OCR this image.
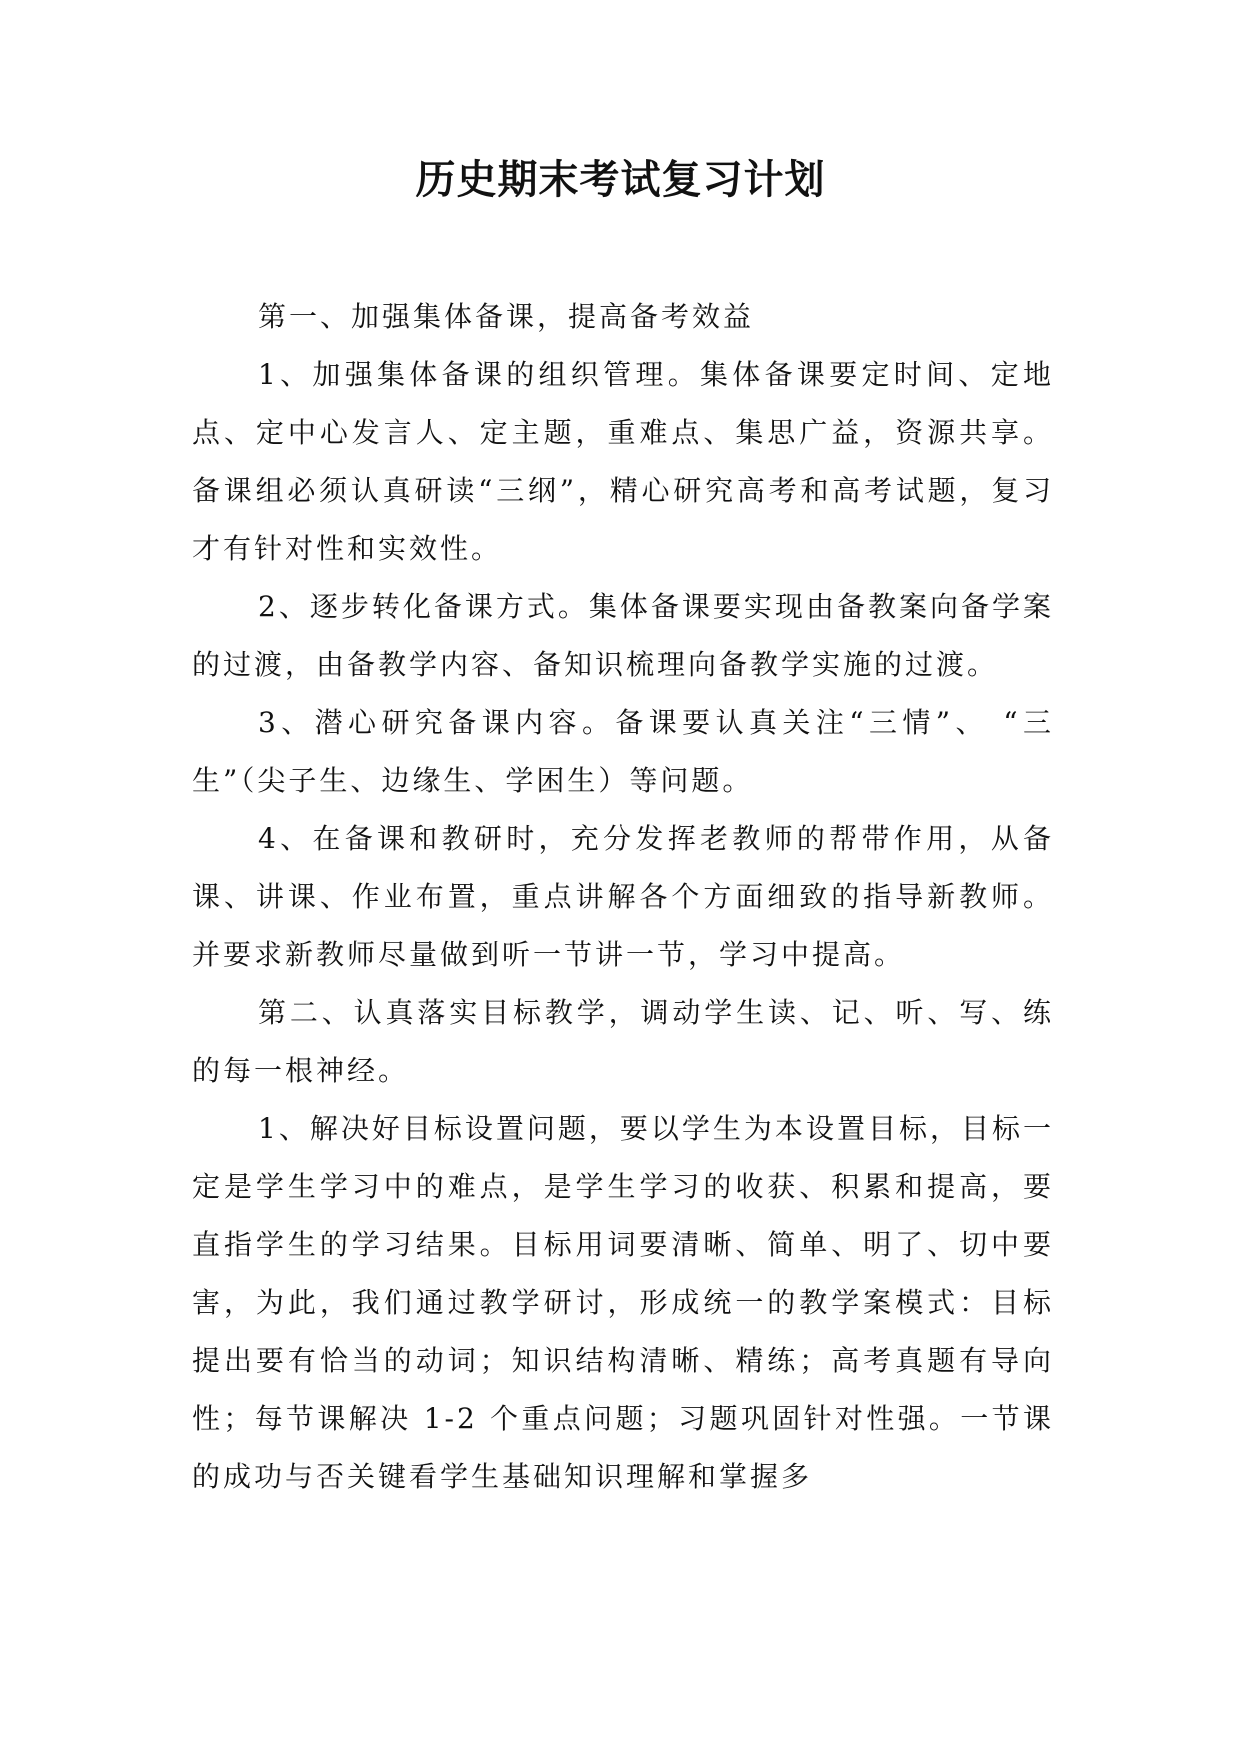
历史期末考试复习计划

第一、加强集体备课，提高备考效益

1、加强集体备课的组织管理。集体备课要定时间、定地点、定中心发言人、定主题，重难点、集思广益，资源共享。备课组必须认真研读“三纲”，精心研究高考和高考试题，复习才有针对性和实效性。

2、逐步转化备课方式。集体备课要实现由备教案向备学案的过渡，由备教学内容、备知识梳理向备教学实施的过渡。

3、潜心研究备课内容。备课要认真关注“三情”、 “三生”（尖子生、边缘生、学困生）等问题。

4、在备课和教研时，充分发挥老教师的帮带作用，从备课、讲课、作业布置，重点讲解各个方面细致的指导新教师。并要求新教师尽量做到听一节讲一节，学习中提高。

第二、认真落实目标教学，调动学生读、记、听、写、练的每一根神经。

1、解决好目标设置问题，要以学生为本设置目标，目标一定是学生学习中的难点，是学生学习的收获、积累和提高，要直指学生的学习结果。目标用词要清晰、简单、明了、切中要害，为此，我们通过教学研讨，形成统一的教学案模式：目标提出要有恰当的动词；知识结构清晰、精练；高考真题有导向性；每节课解决 1-2 个重点问题；习题巩固针对性强。一节课的成功与否关键看学生基础知识理解和掌握多
